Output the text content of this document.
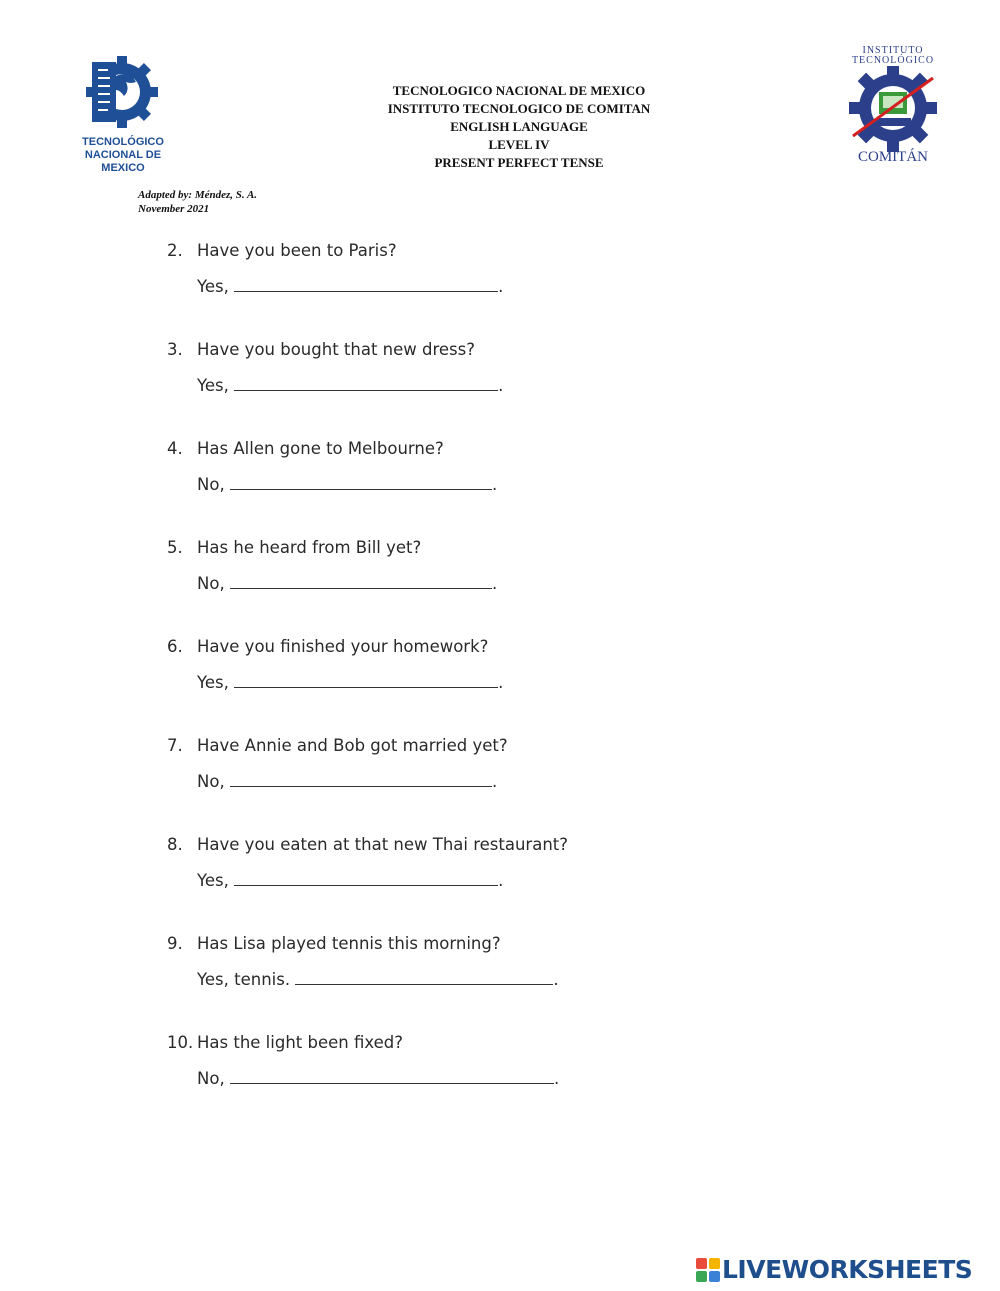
TECNOLÓGICO
NACIONAL DE MEXICO
TECNOLOGICO NACIONAL DE MEXICO
INSTITUTO TECNOLOGICO DE COMITAN
ENGLISH LANGUAGE
LEVEL IV
PRESENT PERFECT TENSE
INSTITUTO
TECNOLÓGICO
COMITÁN
Adapted by: Méndez, S. A.
November 2021
2. Have you been to Paris?
Yes,	.
3. Have you bought that new dress?
Yes,	.
4. Has Allen gone to Melbourne?
No,	.
5. Has he heard from Bill yet?
No,	.
6. Have you finished your homework?
Yes,	.
7. Have Annie and Bob got married yet?
No,	.
8. Have you eaten at that new Thai restaurant?
Yes,	.
9. Has Lisa played tennis this morning?
Yes, tennis.	.
10. Has the light been fixed?
No,	.
LIVEWORKSHEETS
